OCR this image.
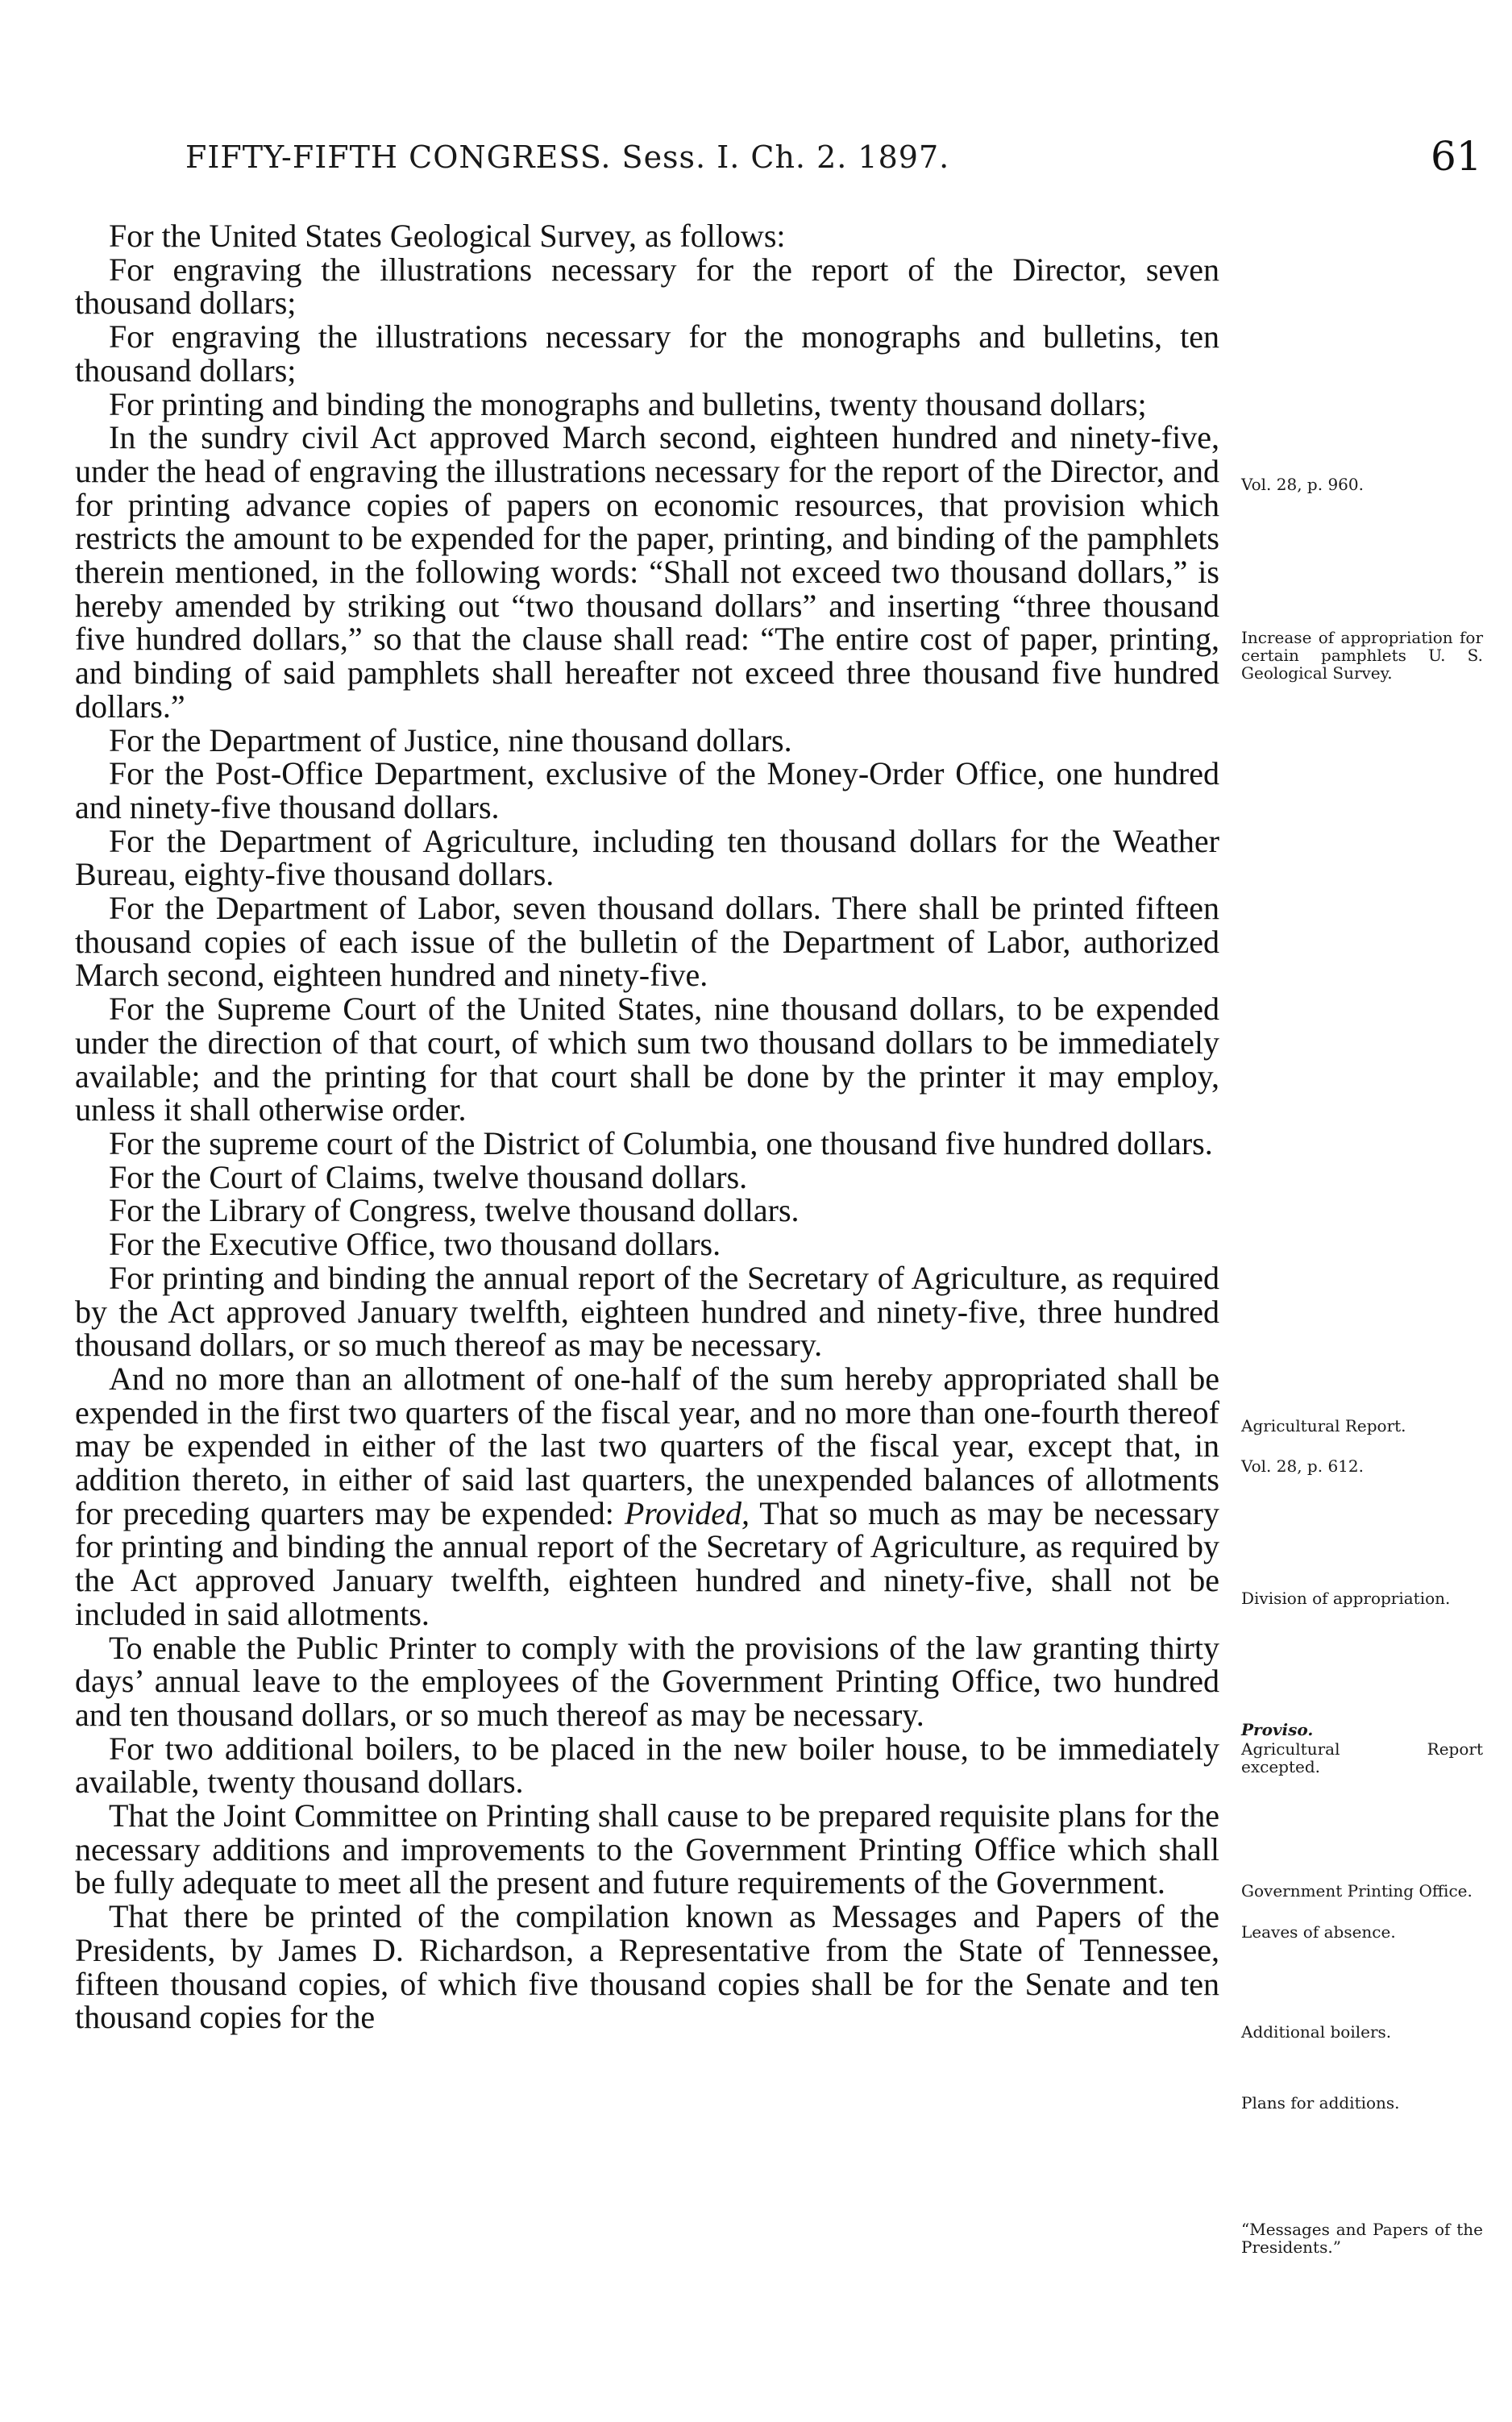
FIFTY-FIFTH CONGRESS. Sess. I. Ch. 2. 1897.	61

For the United States Geological Survey, as follows:

For engraving the illustrations necessary for the report of the Director, seven thousand dollars;

For engraving the illustrations necessary for the monographs and bulletins, ten thousand dollars;

For printing and binding the monographs and bulletins, twenty thousand dollars;

In the sundry civil Act approved March second, eighteen hundred and ninety-five, under the head of engraving the illustrations necessary for the report of the Director, and for printing advance copies of papers on economic resources, that provision which restricts the amount to be expended for the paper, printing, and binding of the pamphlets therein mentioned, in the following words: “Shall not exceed two thousand dollars,” is hereby amended by striking out “two thousand dollars” and inserting “three thousand five hundred dollars,” so that the clause shall read: “The entire cost of paper, printing, and binding of said pamphlets shall hereafter not exceed three thousand five hundred dollars.”

For the Department of Justice, nine thousand dollars.

For the Post-Office Department, exclusive of the Money-Order Office, one hundred and ninety-five thousand dollars.

For the Department of Agriculture, including ten thousand dollars for the Weather Bureau, eighty-five thousand dollars.

For the Department of Labor, seven thousand dollars. There shall be printed fifteen thousand copies of each issue of the bulletin of the Department of Labor, authorized March second, eighteen hundred and ninety-five.

For the Supreme Court of the United States, nine thousand dollars, to be expended under the direction of that court, of which sum two thousand dollars to be immediately available; and the printing for that court shall be done by the printer it may employ, unless it shall otherwise order.

For the supreme court of the District of Columbia, one thousand five hundred dollars.

For the Court of Claims, twelve thousand dollars.

For the Library of Congress, twelve thousand dollars.

For the Executive Office, two thousand dollars.

For printing and binding the annual report of the Secretary of Agriculture, as required by the Act approved January twelfth, eighteen hundred and ninety-five, three hundred thousand dollars, or so much thereof as may be necessary.

And no more than an allotment of one-half of the sum hereby appropriated shall be expended in the first two quarters of the fiscal year, and no more than one-fourth thereof may be expended in either of the last two quarters of the fiscal year, except that, in addition thereto, in either of said last quarters, the unexpended balances of allotments for preceding quarters may be expended: Provided, That so much as may be necessary for printing and binding the annual report of the Secretary of Agriculture, as required by the Act approved January twelfth, eighteen hundred and ninety-five, shall not be included in said allotments.

To enable the Public Printer to comply with the provisions of the law granting thirty days’ annual leave to the employees of the Government Printing Office, two hundred and ten thousand dollars, or so much thereof as may be necessary.

For two additional boilers, to be placed in the new boiler house, to be immediately available, twenty thousand dollars.

That the Joint Committee on Printing shall cause to be prepared requisite plans for the necessary additions and improvements to the Government Printing Office which shall be fully adequate to meet all the present and future requirements of the Government.

That there be printed of the compilation known as Messages and Papers of the Presidents, by James D. Richardson, a Representative from the State of Tennessee, fifteen thousand copies, of which five thousand copies shall be for the Senate and ten thousand copies for the

Vol. 28, p. 960.
Increase of appropriation for certain pamphlets U. S. Geological Survey.
Agricultural Report.
Vol. 28, p. 612.
Division of appropriation.
Proviso.
Agricultural Report excepted.
Government Printing Office.
Leaves of absence.
Additional boilers.
Plans for additions.
“Messages and Papers of the Presidents.”
